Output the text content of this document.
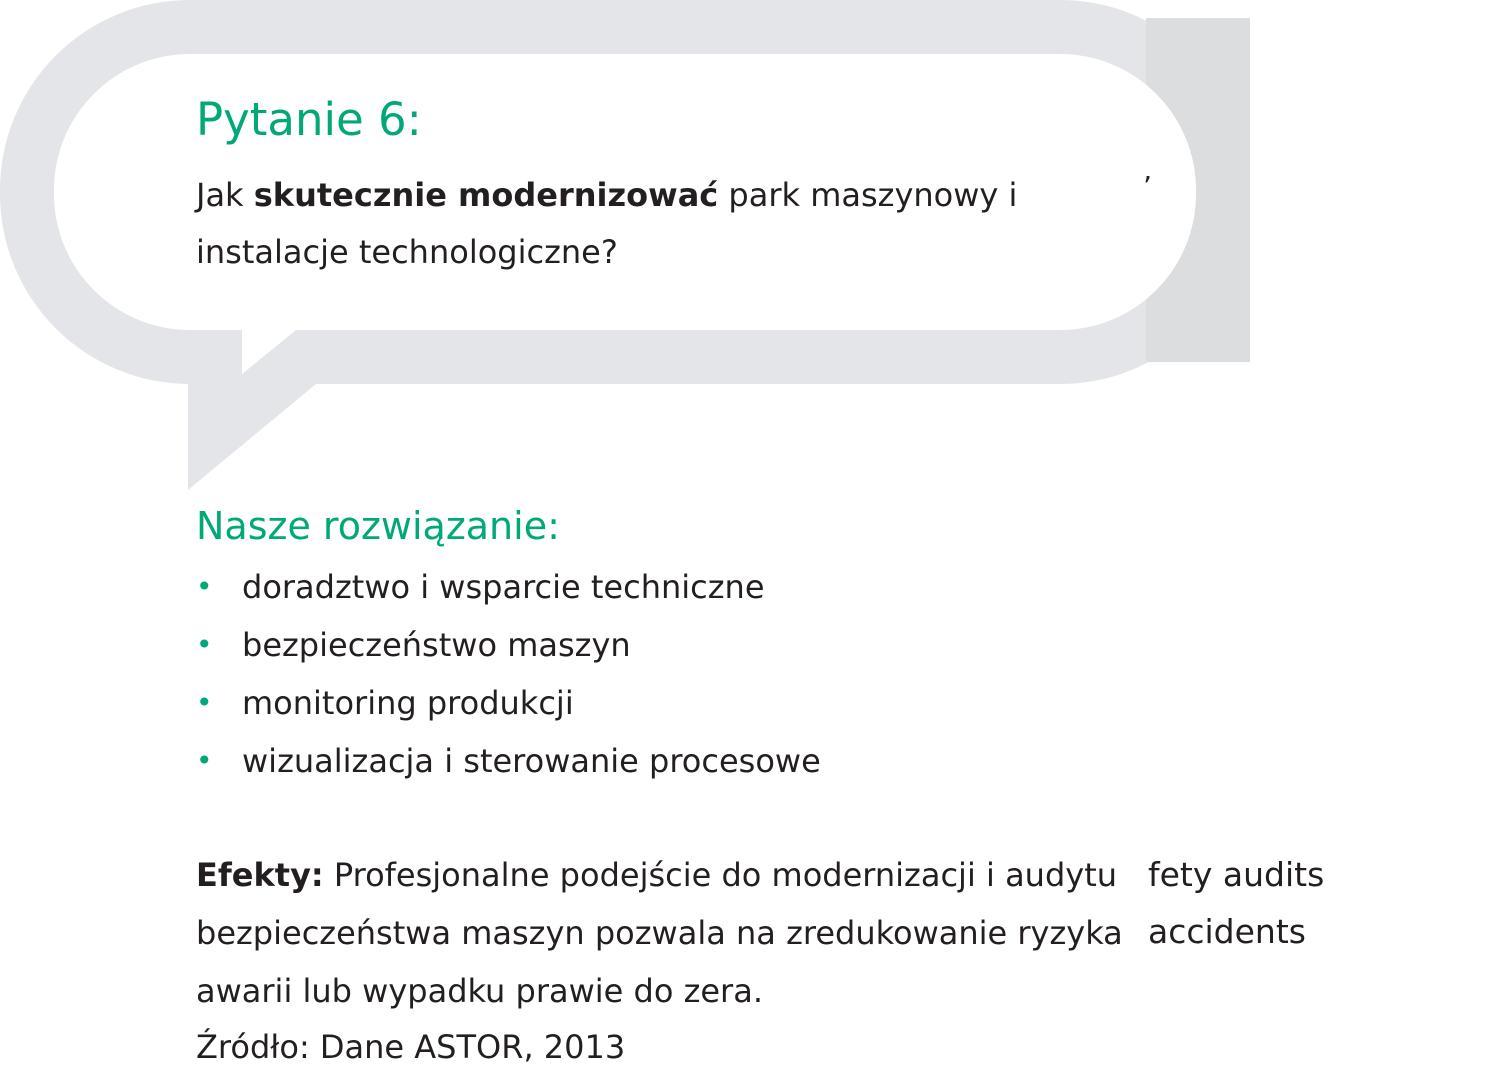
Pytanie 6:

Jak skutecznie modernizować park maszynowy i instalacje technologiczne?

’
Nasze rozwiązanie:
• doradztwo i wsparcie techniczne
• bezpieczeństwo maszyn
• monitoring produkcji
• wizualizacja i sterowanie procesowe

Efekty: Profesjonalne podejście do modernizacji i audytu bezpieczeństwa maszyn pozwala na zredukowanie ryzyka awarii lub wypadku prawie do zera.

fety audits
accidents

Źródło: Dane ASTOR, 2013
